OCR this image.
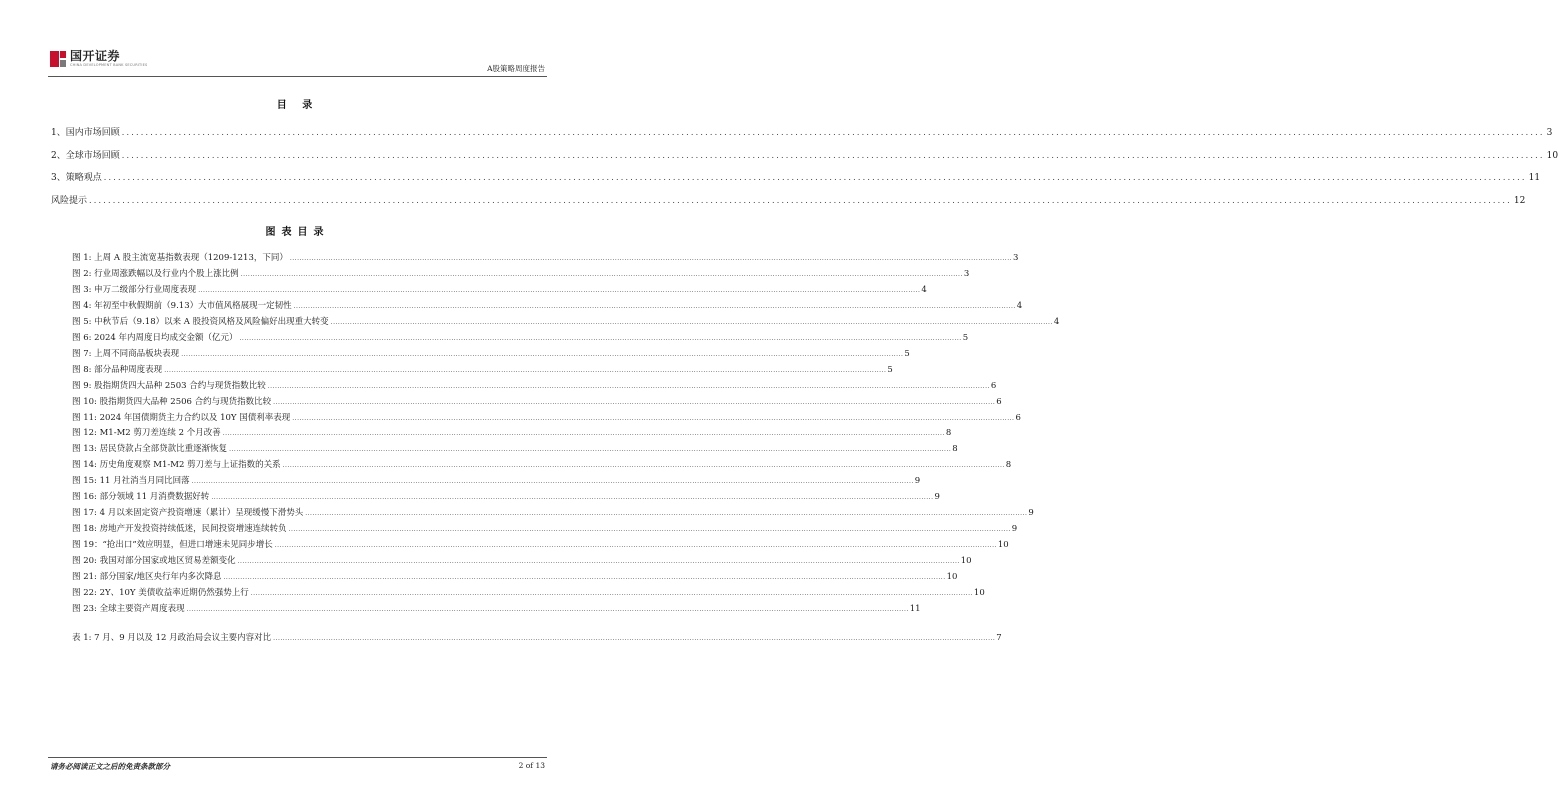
国开证券
CHINA DEVELOPMENT BANK SECURITIES	A股策略周度报告
目 录
1、国内市场回顾 ............................................................................................................................................................................................................................................................................................................ 3
2、全球市场回顾 ............................................................................................................................................................................................................................................................................................................ 10
3、策略观点 ............................................................................................................................................................................................................................................................................................................ 11
风险提示 ............................................................................................................................................................................................................................................................................................................ 12
图表目录
图 1: 上周 A 股主流宽基指数表现（1209-1213，下同） ............................................................................................................................................................................................................................................................................................................ 3
图 2: 行业周涨跌幅以及行业内个股上涨比例 ............................................................................................................................................................................................................................................................................................................ 3
图 3: 申万二级部分行业周度表现 ............................................................................................................................................................................................................................................................................................................ 4
图 4: 年初至中秋假期前（9.13）大市值风格展现一定韧性 ............................................................................................................................................................................................................................................................................................................ 4
图 5: 中秋节后（9.18）以来 A 股投资风格及风险偏好出现重大转变 ............................................................................................................................................................................................................................................................................................................ 4
图 6: 2024 年内周度日均成交金额（亿元） ............................................................................................................................................................................................................................................................................................................ 5
图 7: 上周不同商品板块表现 ............................................................................................................................................................................................................................................................................................................ 5
图 8: 部分品种周度表现 ............................................................................................................................................................................................................................................................................................................ 5
图 9: 股指期货四大品种 2503 合约与现货指数比较 ............................................................................................................................................................................................................................................................................................................ 6
图 10: 股指期货四大品种 2506 合约与现货指数比较 ............................................................................................................................................................................................................................................................................................................ 6
图 11: 2024 年国债期货主力合约以及 10Y 国债利率表现 ............................................................................................................................................................................................................................................................................................................ 6
图 12: M1-M2 剪刀差连续 2 个月改善 ............................................................................................................................................................................................................................................................................................................ 8
图 13: 居民贷款占全部贷款比重逐渐恢复 ............................................................................................................................................................................................................................................................................................................ 8
图 14: 历史角度观察 M1-M2 剪刀差与上证指数的关系 ............................................................................................................................................................................................................................................................................................................ 8
图 15: 11 月社消当月同比回落 ............................................................................................................................................................................................................................................................................................................ 9
图 16: 部分领域 11 月消费数据好转 ............................................................................................................................................................................................................................................................................................................ 9
图 17: 4 月以来固定资产投资增速（累计）呈现缓慢下滑势头 ............................................................................................................................................................................................................................................................................................................ 9
图 18: 房地产开发投资持续低迷，民间投资增速连续转负 ............................................................................................................................................................................................................................................................................................................ 9
图 19：“抢出口”效应明显，但进口增速未见同步增长 ............................................................................................................................................................................................................................................................................................................ 10
图 20: 我国对部分国家或地区贸易差额变化 ............................................................................................................................................................................................................................................................................................................ 10
图 21: 部分国家/地区央行年内多次降息 ............................................................................................................................................................................................................................................................................................................ 10
图 22: 2Y、10Y 美债收益率近期仍然强势上行 ............................................................................................................................................................................................................................................................................................................ 10
图 23: 全球主要资产周度表现 ............................................................................................................................................................................................................................................................................................................ 11
表 1: 7 月、9 月以及 12 月政治局会议主要内容对比 ............................................................................................................................................................................................................................................................................................................ 7
请务必阅读正文之后的免责条款部分	2 of 13
